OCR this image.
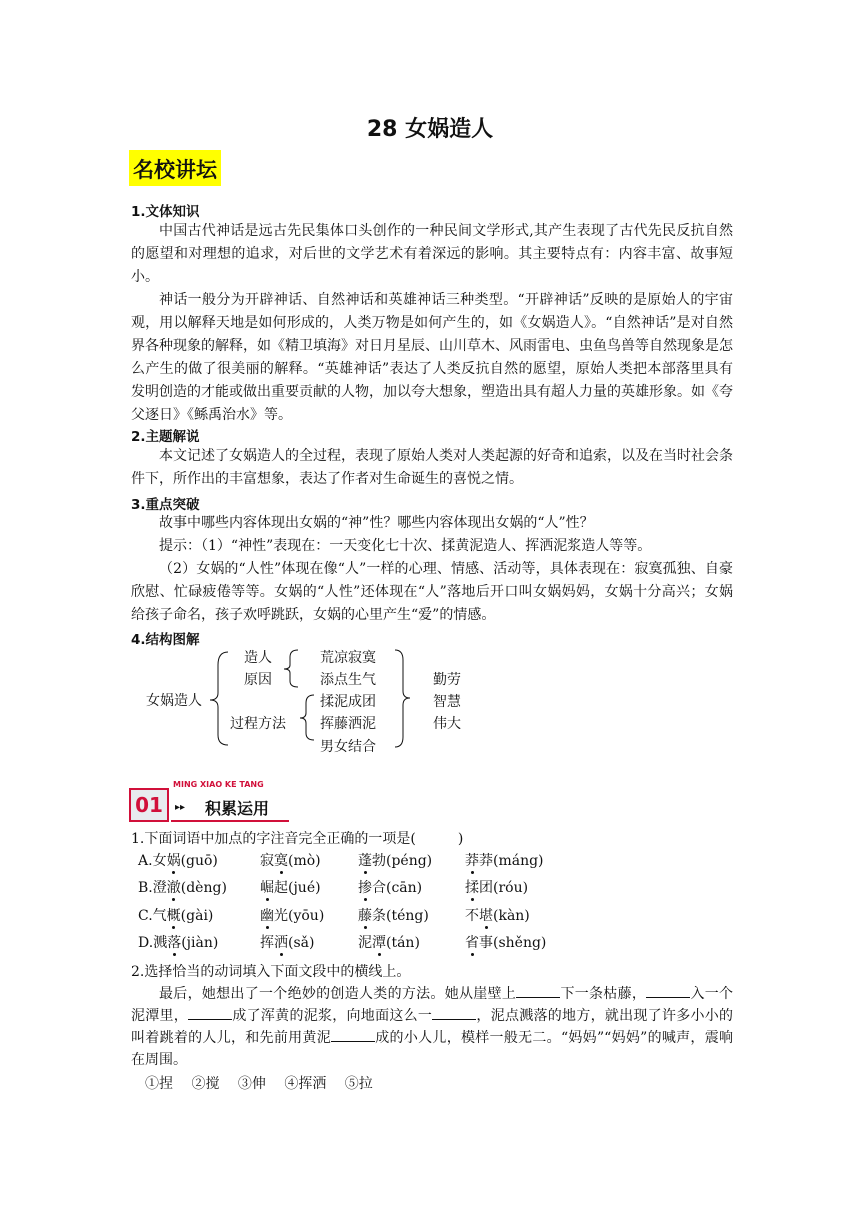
28 女娲造人
名校讲坛
1.文体知识
中国古代神话是远古先民集体口头创作的一种民间文学形式,其产生表现了古代先民反抗自然的愿望和对理想的追求，对后世的文学艺术有着深远的影响。其主要特点有：内容丰富、故事短小。
神话一般分为开辟神话、自然神话和英雄神话三种类型。“开辟神话”反映的是原始人的宇宙观，用以解释天地是如何形成的，人类万物是如何产生的，如《女娲造人》。“自然神话”是对自然界各种现象的解释，如《精卫填海》对日月星辰、山川草木、风雨雷电、虫鱼鸟兽等自然现象是怎么产生的做了很美丽的解释。“英雄神话”表达了人类反抗自然的愿望，原始人类把本部落里具有发明创造的才能或做出重要贡献的人物，加以夸大想象，塑造出具有超人力量的英雄形象。如《夸父逐日》《鲧禹治水》等。
2.主题解说
本文记述了女娲造人的全过程，表现了原始人类对人类起源的好奇和追索，以及在当时社会条件下，所作出的丰富想象，表达了作者对生命诞生的喜悦之情。
3.重点突破
故事中哪些内容体现出女娲的“神”性？哪些内容体现出女娲的“人”性？
提示：（1）“神性”表现在：一天变化七十次、揉黄泥造人、挥洒泥浆造人等等。
（2）女娲的“人性”体现在像“人”一样的心理、情感、活动等，具体表现在：寂寞孤独、自豪欣慰、忙碌疲倦等等。女娲的“人性”还体现在“人”落地后开口叫女娲妈妈，女娲十分高兴；女娲给孩子命名，孩子欢呼跳跃，女娲的心里产生“爱”的情感。
4.结构图解
女娲造人
造人
原因
荒凉寂寞
添点生气
过程方法
揉泥成团
挥藤洒泥
男女结合
勤劳
智慧
伟大
01
MING XIAO KE TANG
▸▸ 积累运用
1.下面词语中加点的字注音完全正确的一项是(　　　)
A.女娲(guō)	寂寞(mò)	蓬勃(péng) 莽莽(máng)
B.澄澈(dèng) 崛起(jué)	掺合(cān)	揉团(róu)
C.气概(gài)	幽光(yōu) 藤条(téng)	不堪(kàn)
D.溅落(jiàn)	挥洒(sǎ)	泥潭(tán)	省事(shěng)
2.选择恰当的动词填入下面文段中的横线上。
最后，她想出了一个绝妙的创造人类的方法。她从崖壁上	下一条枯藤，	入一个泥潭里，	成了浑黄的泥浆，向地面这么一	，泥点溅落的地方，就出现了许多小小的叫着跳着的人儿，和先前用黄泥	成的小人儿，模样一般无二。“妈妈”“妈妈”的喊声，震响在周围。
①捏　 ②搅　 ③伸　 ④挥洒　 ⑤拉
